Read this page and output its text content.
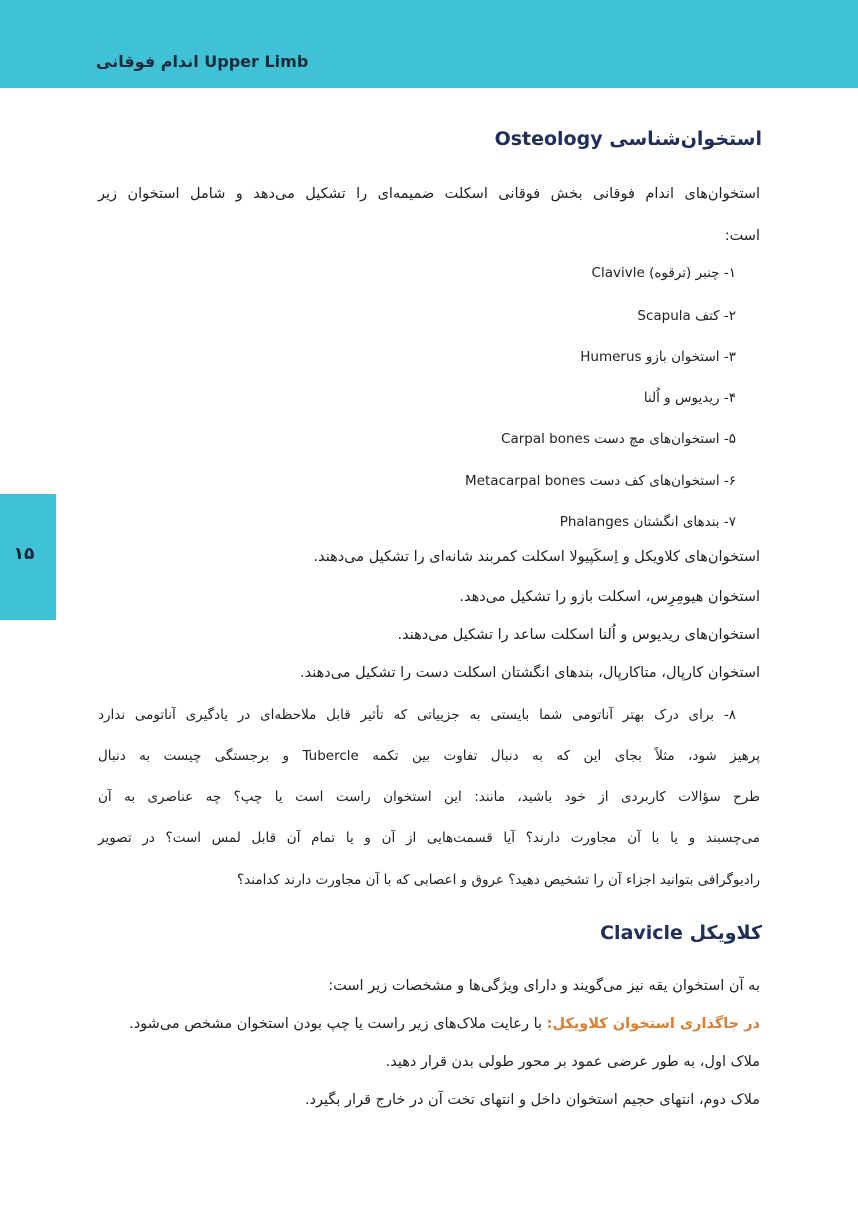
اندام فوقانی Upper Limb
۱۵
استخوان‌شناسی Osteology
استخوان‌های اندام فوقانی بخش فوقانی اسکلت ضمیمه‌ای را تشکیل می‌دهد و شامل استخوان زیر
است:
۱- چنبر (ترقوه) Clavivle
۲- کتف Scapula
۳- استخوان بازو Humerus
۴- ریدیوس و اُلنا
۵- استخوان‌های مچ دست Carpal bones
۶- استخوان‌های کف دست Metacarpal bones
۷- بندهای انگشتان Phalanges
استخوان‌های کلاویکل و اِسکَپیولا اسکلت کمربند شانه‌ای را تشکیل می‌دهند.
استخوان هیومِرِس، اسکلت بازو را تشکیل می‌دهد.
استخوان‌های ریدیوس و اُلنا اسکلت ساعد را تشکیل می‌دهند.
استخوان کارپال، متاکارپال، بندهای انگشتان اسکلت دست را تشکیل می‌دهند.
۸- برای درک بهتر آناتومی شما بایستی به جزییاتی که تأثیر قابل ملاحظه‌ای در یادگیری آناتومی ندارد
پرهیز شود، مثلاً بجای این که به دنبال تفاوت بین تکمه Tubercle و برجستگی چیست به دنبال
طرح سؤالات کاربردی از خود باشید، مانند: این استخوان راست است یا چپ؟ چه عناصری به آن
می‌چسبند و یا با آن مجاورت دارند؟ آیا قسمت‌هایی از آن و یا تمام آن قابل لمس است؟ در تصویر
رادیوگرافی بتوانید اجزاء آن را تشخیص دهید؟ عروق و اعصابی که با آن مجاورت دارند کدامند؟
کلاویکل Clavicle
به آن استخوان یقه نیز می‌گویند و دارای ویژگی‌ها و مشخصات زیر است:
در جاگذاری استخوان کلاویکل: با رعایت ملاک‌های زیر راست یا چپ بودن استخوان مشخص می‌شود.
ملاک اول، به طور عرضی عمود بر محور طولی بدن قرار دهید.
ملاک دوم، انتهای حجیم استخوان داخل و انتهای تخت آن در خارج قرار بگیرد.
